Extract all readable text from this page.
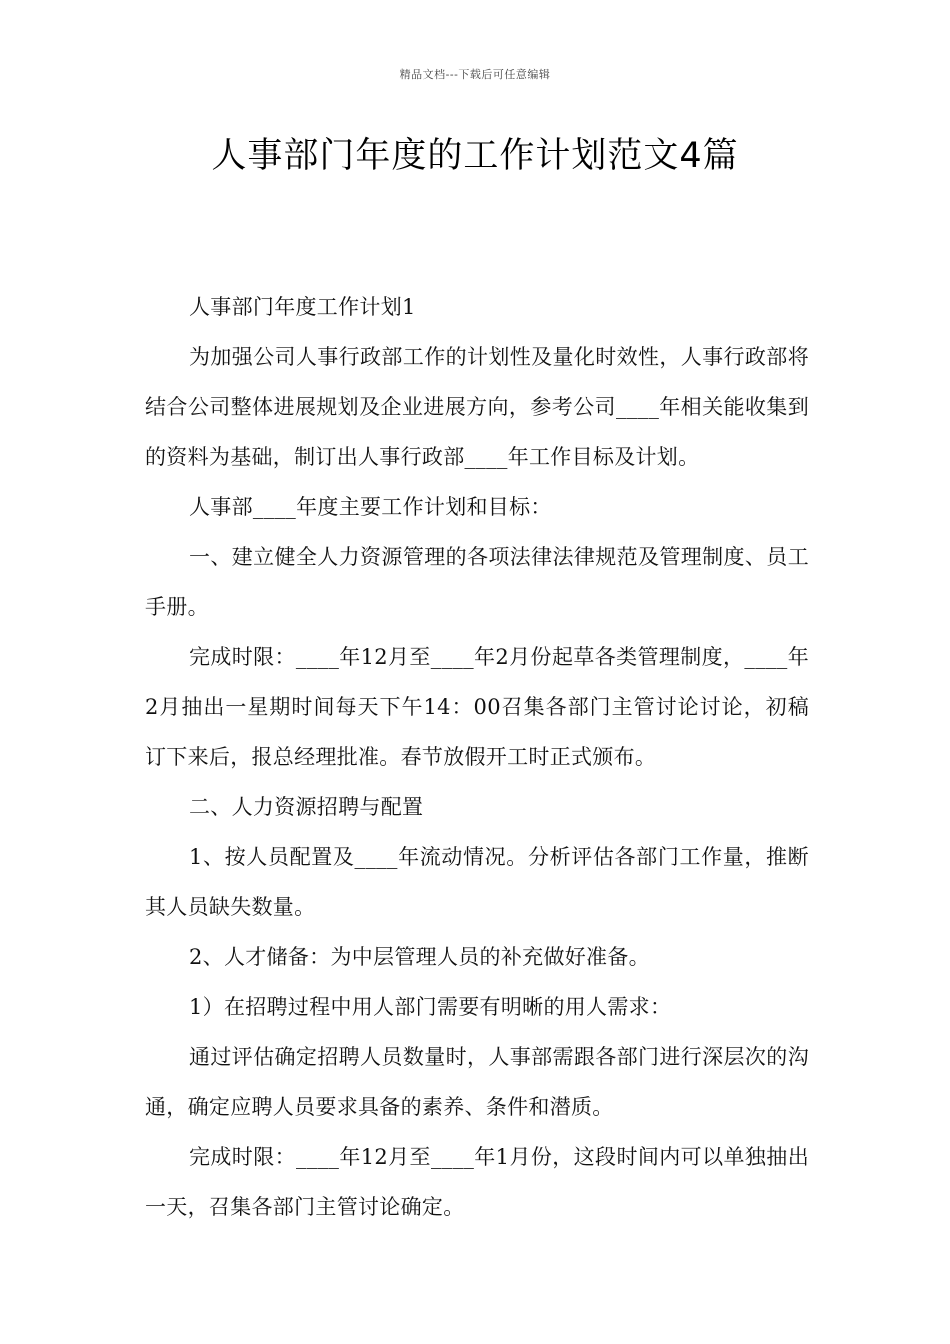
精品文档---下载后可任意编辑
人事部门年度的工作计划范文4篇

人事部门年度工作计划1

为加强公司人事行政部工作的计划性及量化时效性，人事行政部将结合公司整体进展规划及企业进展方向，参考公司____年相关能收集到的资料为基础，制订出人事行政部____年工作目标及计划。

人事部____年度主要工作计划和目标：

一、建立健全人力资源管理的各项法律法律规范及管理制度、员工手册。

完成时限：____年12月至____年2月份起草各类管理制度，____年2月抽出一星期时间每天下午14：00召集各部门主管讨论讨论，初稿订下来后，报总经理批准。春节放假开工时正式颁布。

二、人力资源招聘与配置

1、按人员配置及____年流动情况。分析评估各部门工作量，推断其人员缺失数量。

2、人才储备：为中层管理人员的补充做好准备。

1）在招聘过程中用人部门需要有明晰的用人需求：

通过评估确定招聘人员数量时，人事部需跟各部门进行深层次的沟通，确定应聘人员要求具备的素养、条件和潜质。

完成时限：____年12月至____年1月份，这段时间内可以单独抽出一天，召集各部门主管讨论确定。
